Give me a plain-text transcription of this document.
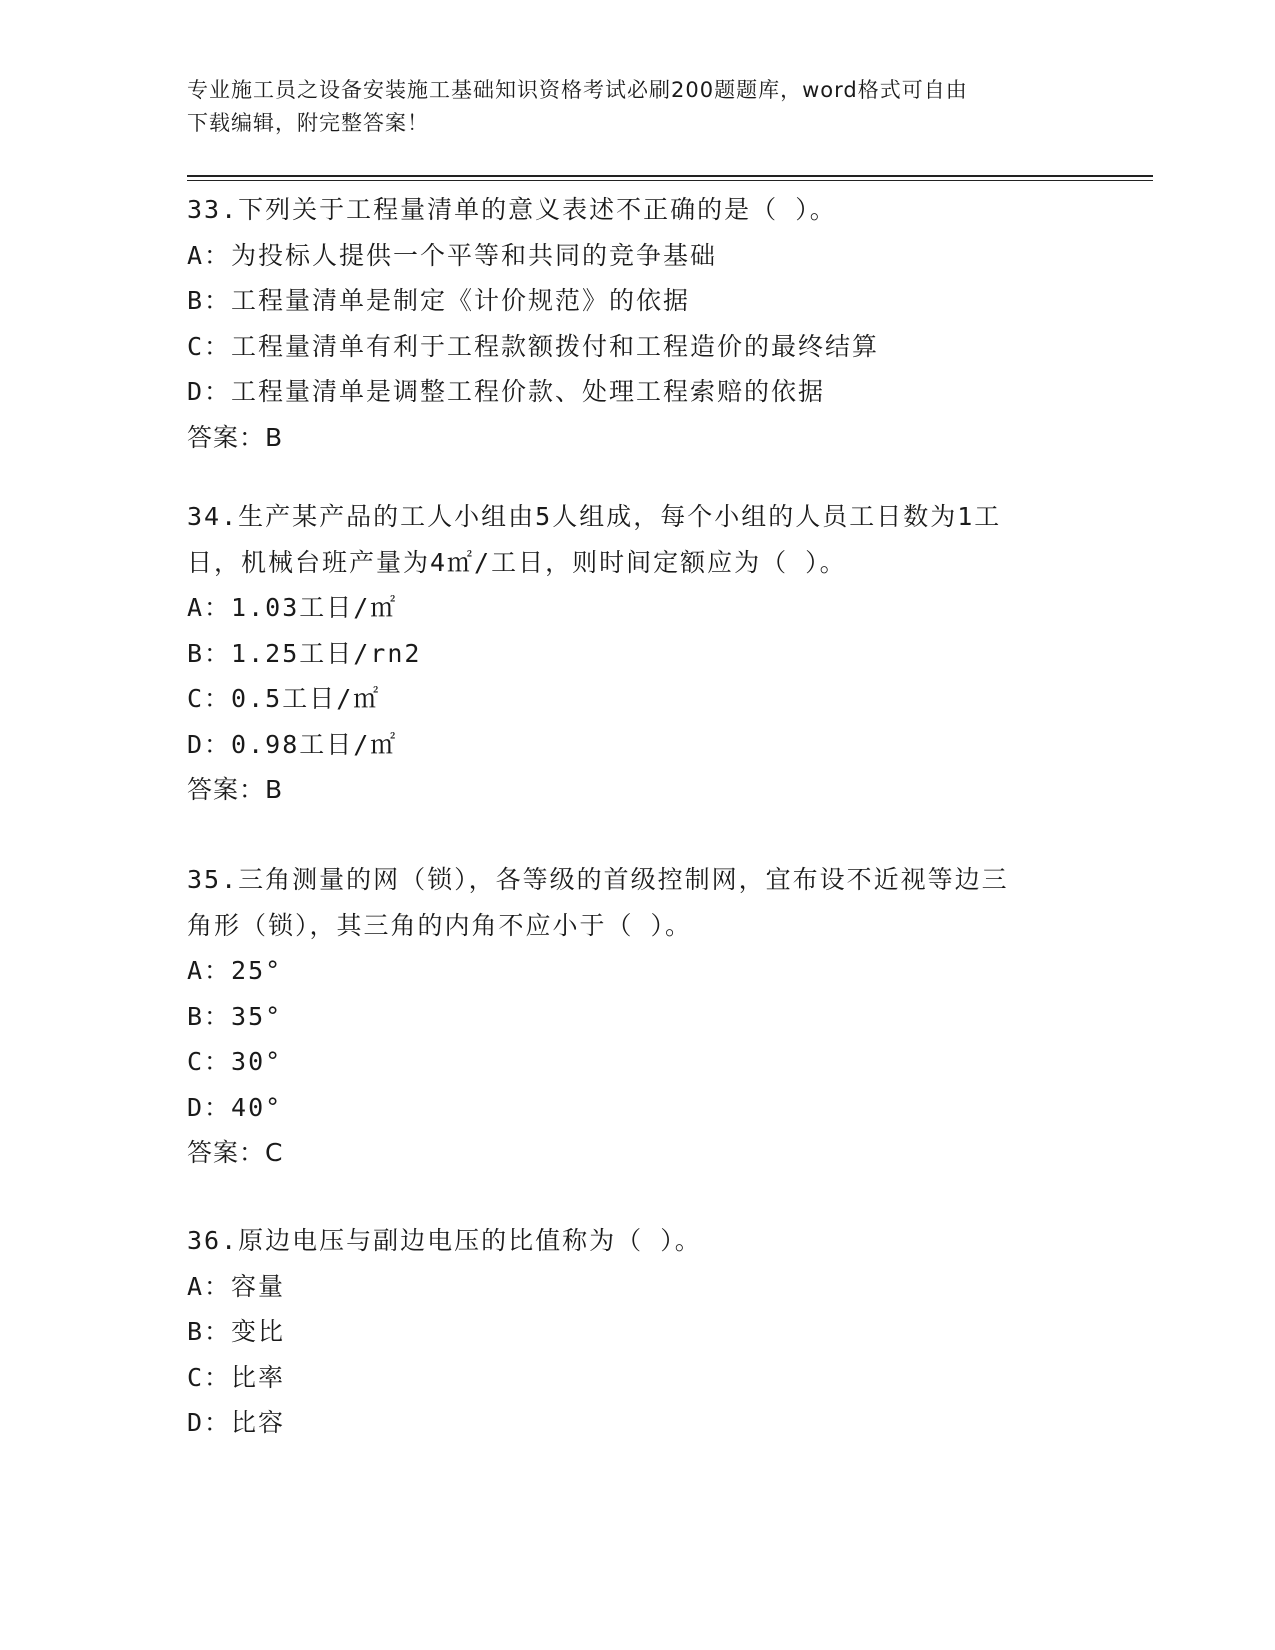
专业施工员之设备安装施工基础知识资格考试必刷200题题库，word格式可自由
下载编辑，附完整答案！
33.下列关于工程量清单的意义表述不正确的是（ ）。
A：为投标人提供一个平等和共同的竞争基础
B：工程量清单是制定《计价规范》的依据
C：工程量清单有利于工程款额拨付和工程造价的最终结算
D：工程量清单是调整工程价款、处理工程索赔的依据
答案：B
34.生产某产品的工人小组由5人组成，每个小组的人员工日数为1工
日，机械台班产量为4㎡/工日，则时间定额应为（ ）。
A：1.03工日/㎡
B：1.25工日/rn2
C：0.5工日/㎡
D：0.98工日/㎡
答案：B
35.三角测量的网（锁），各等级的首级控制网，宜布设不近视等边三
角形（锁），其三角的内角不应小于（ ）。
A：25°
B：35°
C：30°
D：40°
答案：C
36.原边电压与副边电压的比值称为（ ）。
A：容量
B：变比
C：比率
D：比容
